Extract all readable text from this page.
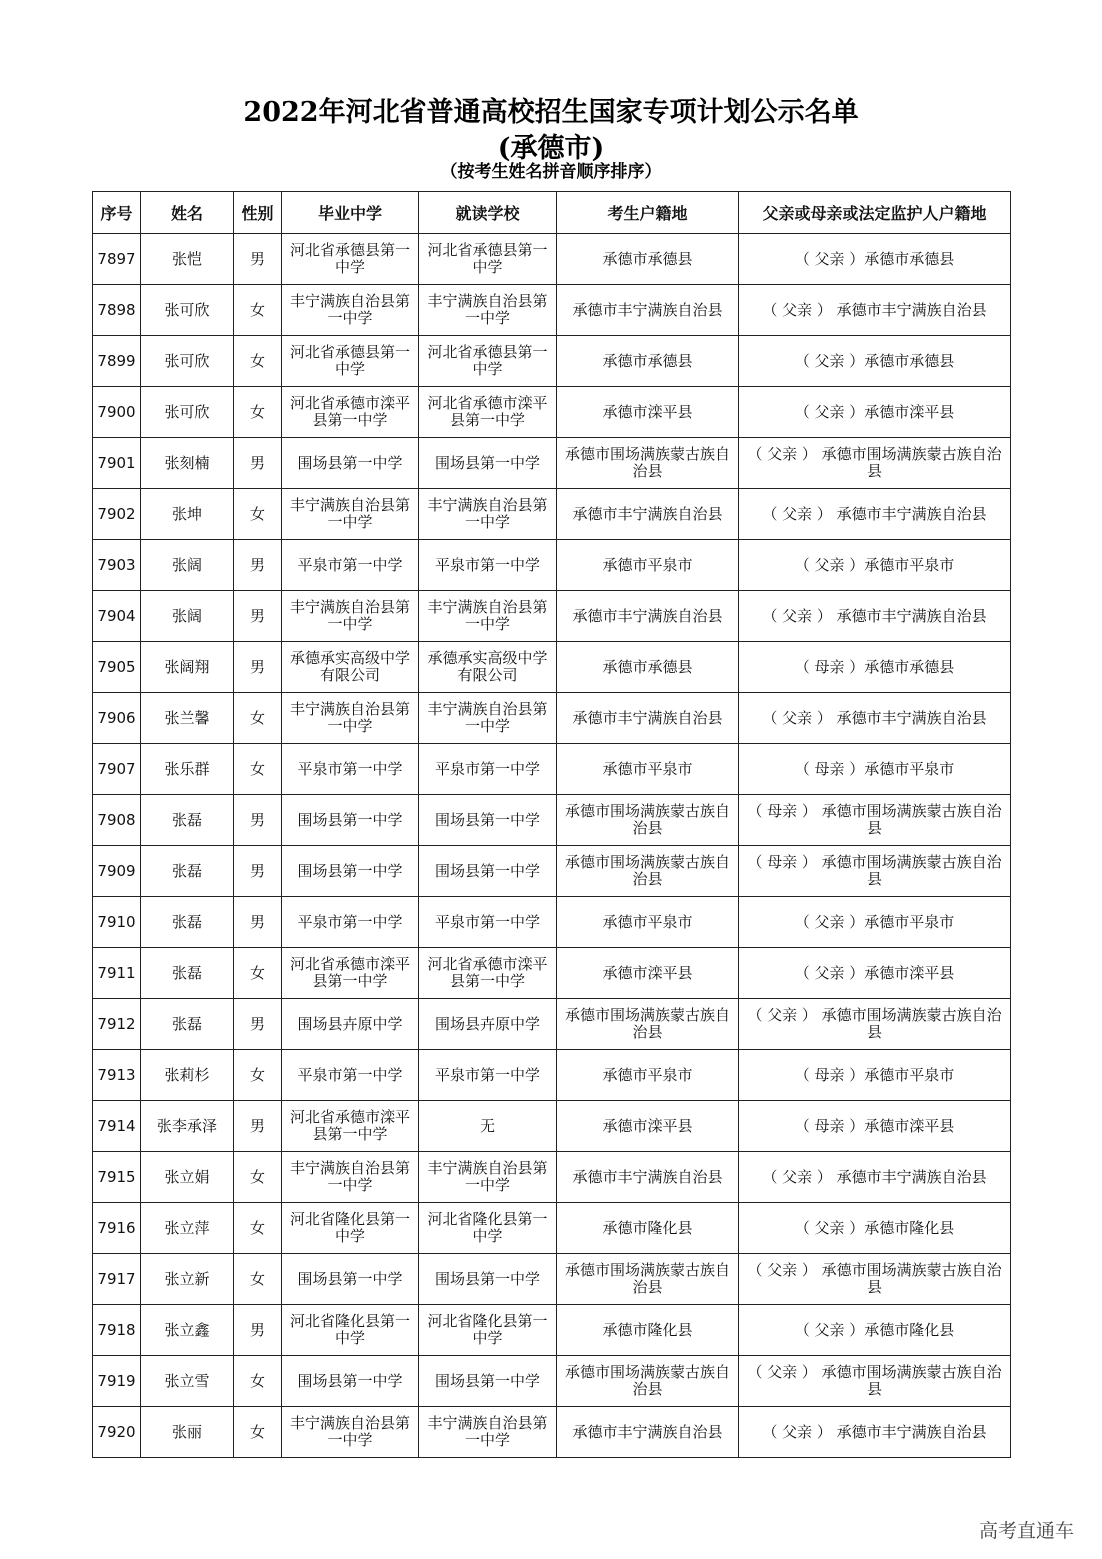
2022年河北省普通高校招生国家专项计划公示名单
(承德市)
（按考生姓名拼音顺序排序）
序号	姓名	性别	毕业中学	就读学校	考生户籍地	父亲或母亲或法定监护人户籍地
7897	张恺	男	河北省承德县第一中学	河北省承德县第一中学	承德市承德县	（ 父亲 ）承德市承德县
7898	张可欣	女	丰宁满族自治县第一中学	丰宁满族自治县第一中学	承德市丰宁满族自治县	（ 父亲 ） 承德市丰宁满族自治县
7899	张可欣	女	河北省承德县第一中学	河北省承德县第一中学	承德市承德县	（ 父亲 ）承德市承德县
7900	张可欣	女	河北省承德市滦平县第一中学	河北省承德市滦平县第一中学	承德市滦平县	（ 父亲 ）承德市滦平县
7901	张刻楠	男	围场县第一中学	围场县第一中学	承德市围场满族蒙古族自治县	（ 父亲 ） 承德市围场满族蒙古族自治县
7902	张坤	女	丰宁满族自治县第一中学	丰宁满族自治县第一中学	承德市丰宁满族自治县	（ 父亲 ） 承德市丰宁满族自治县
7903	张阔	男	平泉市第一中学	平泉市第一中学	承德市平泉市	（ 父亲 ）承德市平泉市
7904	张阔	男	丰宁满族自治县第一中学	丰宁满族自治县第一中学	承德市丰宁满族自治县	（ 父亲 ） 承德市丰宁满族自治县
7905	张阔翔	男	承德承实高级中学有限公司	承德承实高级中学有限公司	承德市承德县	（ 母亲 ）承德市承德县
7906	张兰馨	女	丰宁满族自治县第一中学	丰宁满族自治县第一中学	承德市丰宁满族自治县	（ 父亲 ） 承德市丰宁满族自治县
7907	张乐群	女	平泉市第一中学	平泉市第一中学	承德市平泉市	（ 母亲 ）承德市平泉市
7908	张磊	男	围场县第一中学	围场县第一中学	承德市围场满族蒙古族自治县	（ 母亲 ） 承德市围场满族蒙古族自治县
7909	张磊	男	围场县第一中学	围场县第一中学	承德市围场满族蒙古族自治县	（ 母亲 ） 承德市围场满族蒙古族自治县
7910	张磊	男	平泉市第一中学	平泉市第一中学	承德市平泉市	（ 父亲 ）承德市平泉市
7911	张磊	女	河北省承德市滦平县第一中学	河北省承德市滦平县第一中学	承德市滦平县	（ 父亲 ）承德市滦平县
7912	张磊	男	围场县卉原中学	围场县卉原中学	承德市围场满族蒙古族自治县	（ 父亲 ） 承德市围场满族蒙古族自治县
7913	张莉杉	女	平泉市第一中学	平泉市第一中学	承德市平泉市	（ 母亲 ）承德市平泉市
7914	张李承泽	男	河北省承德市滦平县第一中学	无	承德市滦平县	（ 母亲 ）承德市滦平县
7915	张立娟	女	丰宁满族自治县第一中学	丰宁满族自治县第一中学	承德市丰宁满族自治县	（ 父亲 ） 承德市丰宁满族自治县
7916	张立萍	女	河北省隆化县第一中学	河北省隆化县第一中学	承德市隆化县	（ 父亲 ）承德市隆化县
7917	张立新	女	围场县第一中学	围场县第一中学	承德市围场满族蒙古族自治县	（ 父亲 ） 承德市围场满族蒙古族自治县
7918	张立鑫	男	河北省隆化县第一中学	河北省隆化县第一中学	承德市隆化县	（ 父亲 ）承德市隆化县
7919	张立雪	女	围场县第一中学	围场县第一中学	承德市围场满族蒙古族自治县	（ 父亲 ） 承德市围场满族蒙古族自治县
7920	张丽	女	丰宁满族自治县第一中学	丰宁满族自治县第一中学	承德市丰宁满族自治县	（ 父亲 ） 承德市丰宁满族自治县
高考直通车
